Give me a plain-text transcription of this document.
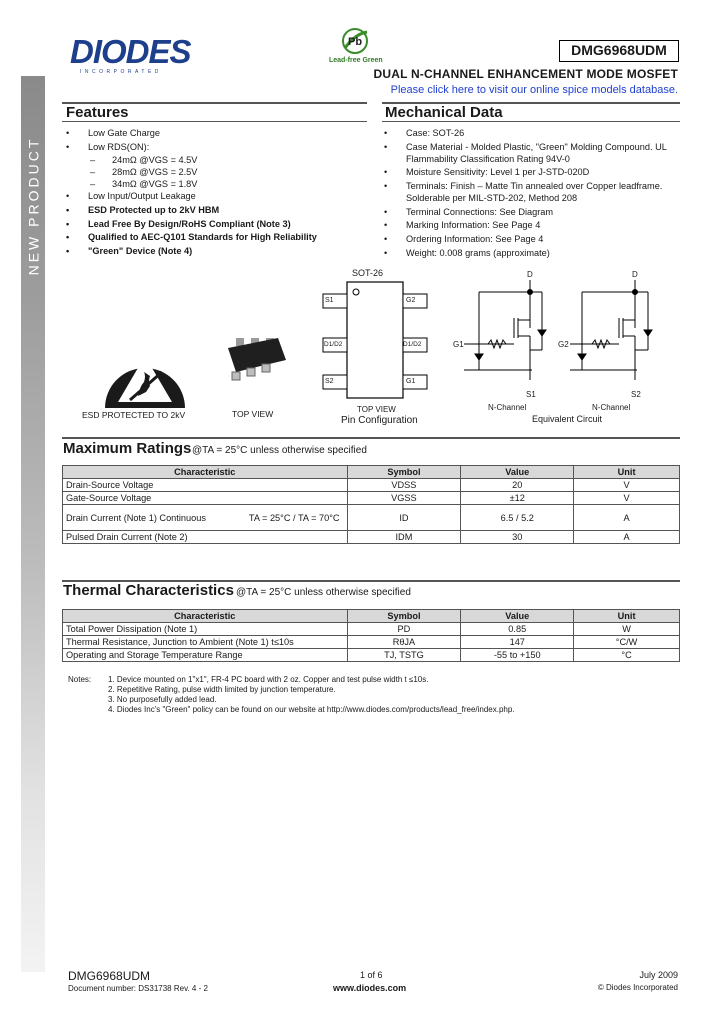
NEW PRODUCT
DIODES
INCORPORATED
Pb
Lead-free Green
DMG6968UDM
DUAL N-CHANNEL ENHANCEMENT MODE MOSFET
Please click here to visit our online spice models database.
Features
• Low Gate Charge
• Low RDS(ON):
– 24mΩ @VGS = 4.5V
– 28mΩ @VGS = 2.5V
– 34mΩ @VGS = 1.8V
• Low Input/Output Leakage
• ESD Protected up to 2kV HBM
• Lead Free By Design/RoHS Compliant (Note 3)
• Qualified to AEC-Q101 Standards for High Reliability
• "Green" Device (Note 4)
Mechanical Data
• Case: SOT-26
• Case Material - Molded Plastic, "Green" Molding Compound. UL Flammability Classification Rating 94V-0
• Moisture Sensitivity: Level 1 per J-STD-020D
• Terminals: Finish – Matte Tin annealed over Copper leadframe. Solderable per MIL-STD-202, Method 208
• Terminal Connections: See Diagram
• Marking Information: See Page 4
• Ordering Information: See Page 4
• Weight: 0.008 grams (approximate)
ESD PROTECTED TO 2kV	TOP VIEW
SOT-26
S1
D1/D2
S2
G2
D1/D2
G1
TOP VIEW
Pin Configuration
D	D
G1	G2
S1	S2
N-Channel	N-Channel
Equivalent Circuit
Maximum Ratings @TA = 25°C unless otherwise specified
Characteristic	Symbol	Value	Unit
Drain-Source Voltage	VDSS	20	V
Gate-Source Voltage	VGSS	±12	V
Drain Current (Note 1) Continuous TA = 25°C / TA = 70°C	ID	6.5 / 5.2	A
Pulsed Drain Current (Note 2)	IDM	30	A
Thermal Characteristics @TA = 25°C unless otherwise specified
Characteristic	Symbol	Value	Unit
Total Power Dissipation (Note 1)	PD	0.85	W
Thermal Resistance, Junction to Ambient (Note 1) t≤10s	RθJA	147	°C/W
Operating and Storage Temperature Range	TJ, TSTG	-55 to +150	°C
Notes:	1. Device mounted on 1"x1", FR-4 PC board with 2 oz. Copper and test pulse width t ≤10s.
2. Repetitive Rating, pulse width limited by junction temperature.
3. No purposefully added lead.
4. Diodes Inc's "Green" policy can be found on our website at http://www.diodes.com/products/lead_free/index.php.
DMG6968UDM
Document number: DS31738 Rev. 4 - 2
1 of 6
www.diodes.com
July 2009
© Diodes Incorporated
